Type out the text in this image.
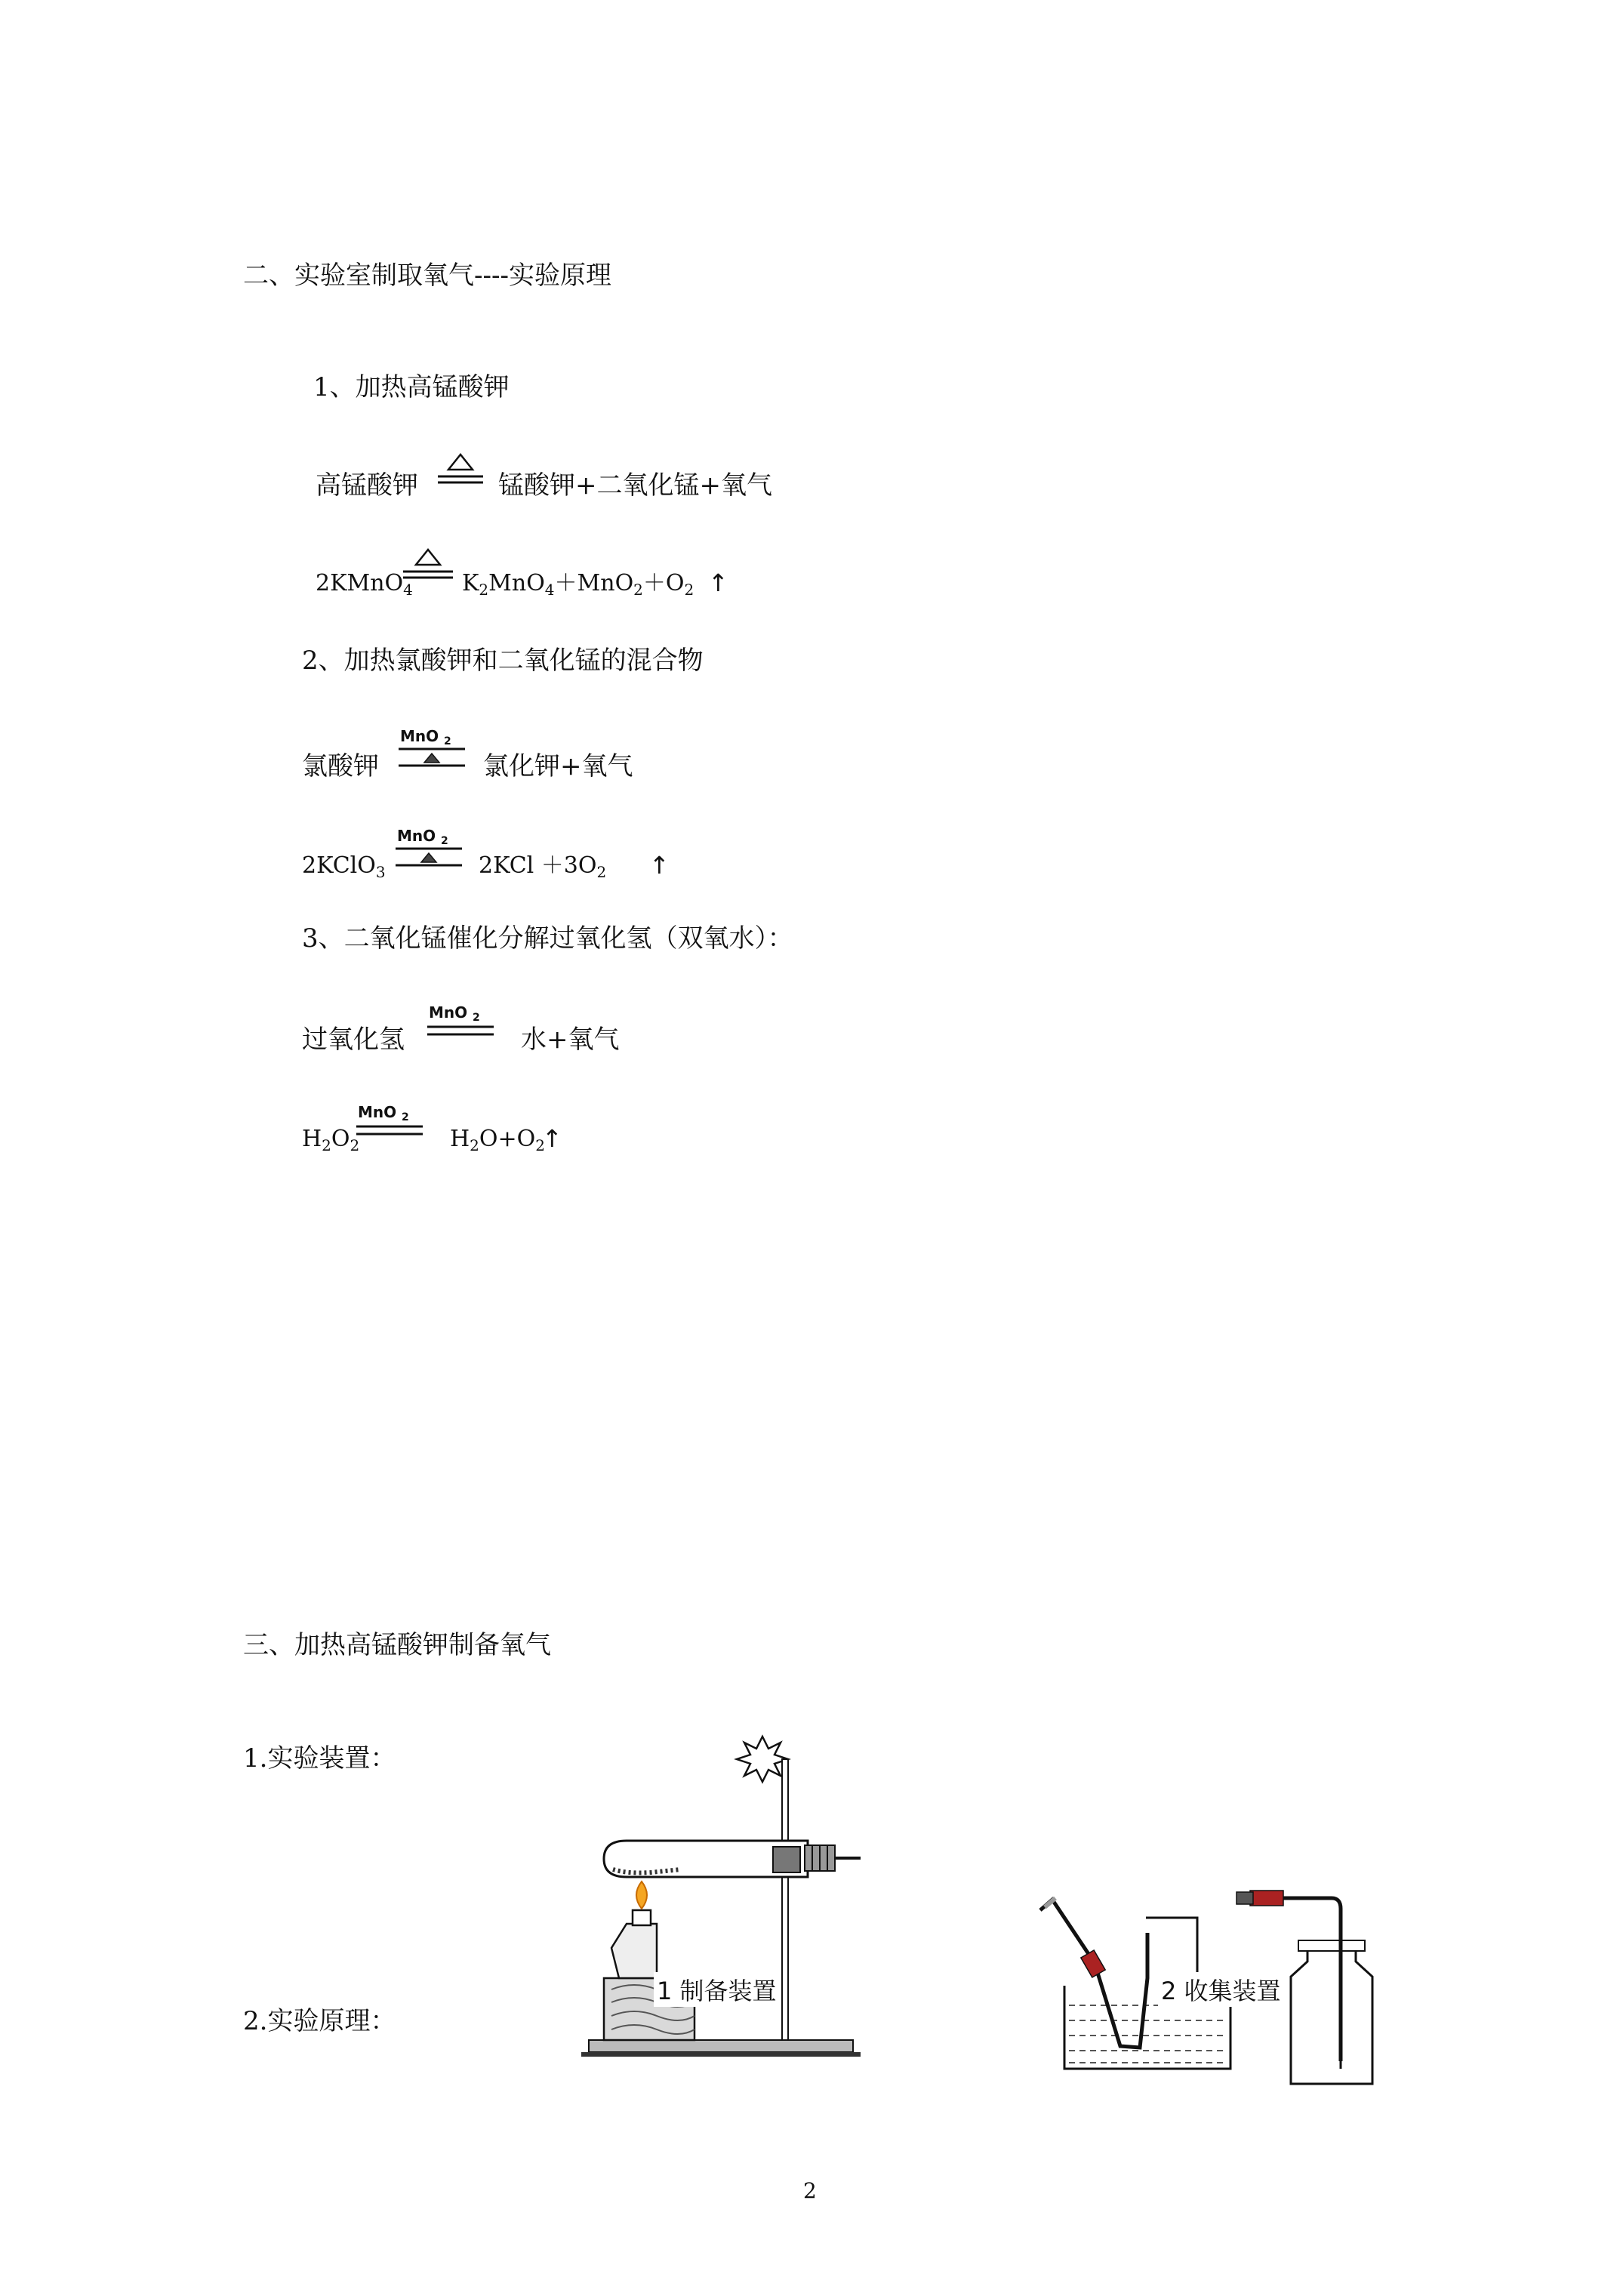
二、实验室制取氧气----实验原理
1、加热高锰酸钾
高锰酸钾	锰酸钾+二氧化锰+氧气
2KMnO$_4$ $K_2MnO_4+MnO_2+O_2$ ↑
2、加热氯酸钾和二氧化锰的混合物
氯酸钾
MnO 2
氯化钾+氧气
2KClO$_3$
MnO 2
$2KCl +3O_2$ ↑
3、二氧化锰催化分解过氧化氢（双氧水）：
过氧化氢
MnO 2
水+氧气
$H_2O_2$
MnO 2
$H_2O+O_2$
↑
三、加热高锰酸钾制备氧气
1.实验装置：
2.实验原理：
1 制备装置	2 收集装置
2
